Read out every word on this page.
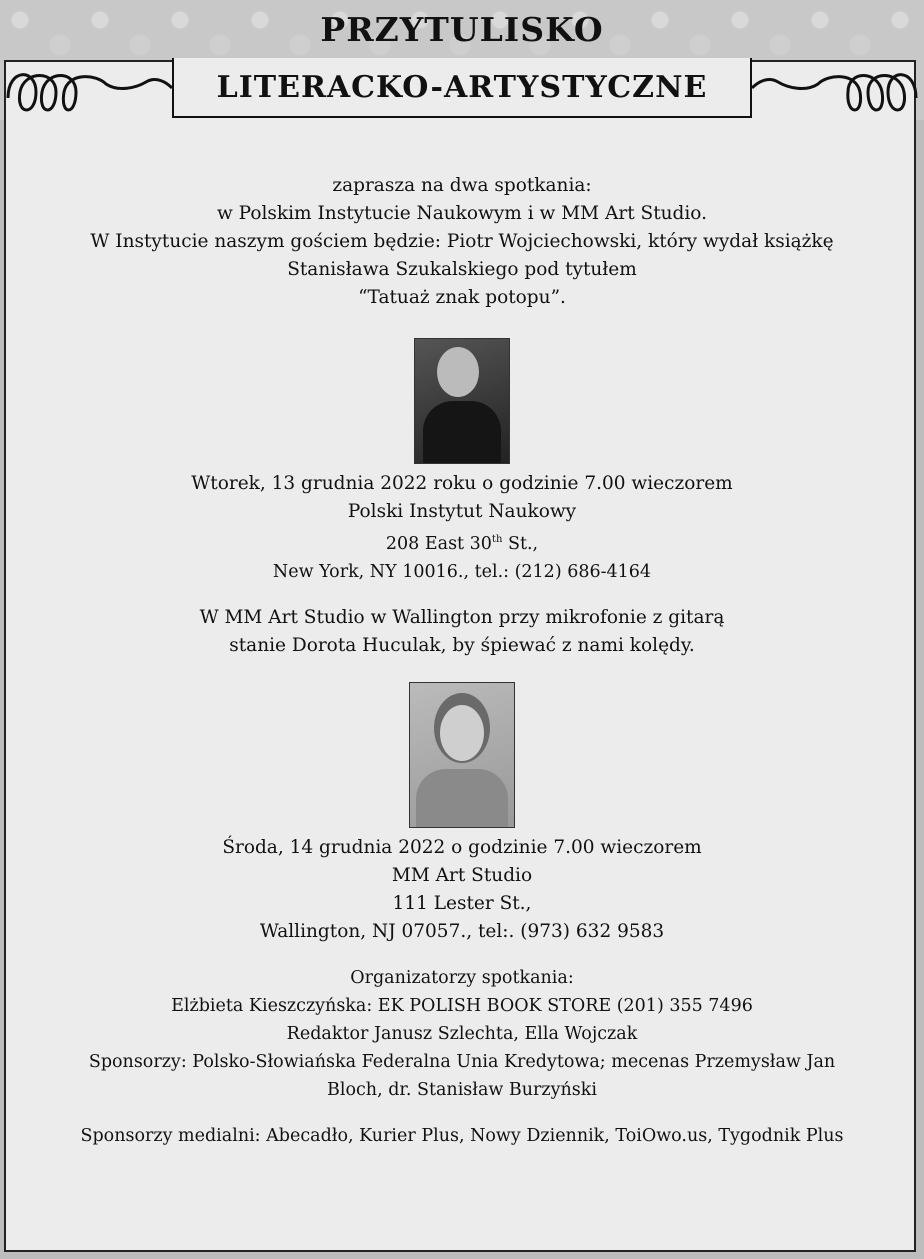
PRZYTULISKO
LITERACKO-ARTYSTYCZNE
zaprasza na dwa spotkania:
w Polskim Instytucie Naukowym i w MM Art Studio.
W Instytucie naszym gościem będzie: Piotr Wojciechowski, który wydał książkę
Stanisława Szukalskiego pod tytułem
“Tatuaż znak potopu”.
Wtorek, 13 grudnia 2022 roku o godzinie 7.00 wieczorem
Polski Instytut Naukowy
208 East 30th St.,
New York, NY 10016., tel.: (212) 686-4164
W MM Art Studio w Wallington przy mikrofonie z gitarą
stanie Dorota Huculak, by śpiewać z nami kolędy.
Środa, 14 grudnia 2022 o godzinie 7.00 wieczorem
MM Art Studio
111 Lester St.,
Wallington, NJ 07057., tel:. (973) 632 9583
Organizatorzy spotkania:
Elżbieta Kieszczyńska: EK POLISH BOOK STORE (201) 355 7496
Redaktor Janusz Szlechta, Ella Wojczak
Sponsorzy: Polsko-Słowiańska Federalna Unia Kredytowa; mecenas Przemysław Jan
Bloch, dr. Stanisław Burzyński
Sponsorzy medialni: Abecadło, Kurier Plus, Nowy Dziennik, ToiOwo.us, Tygodnik Plus
